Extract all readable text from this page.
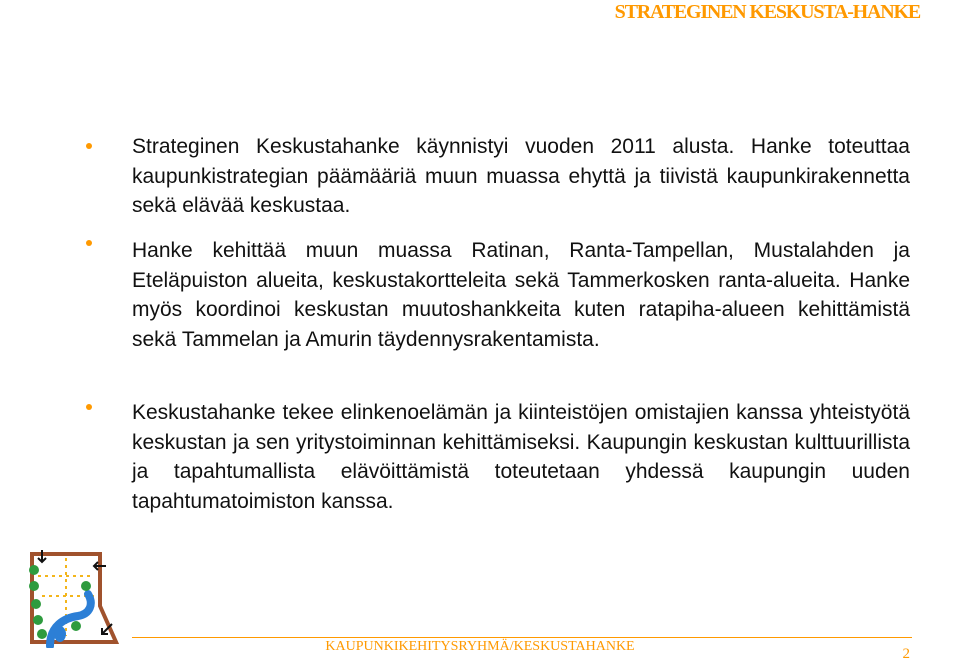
STRATEGINEN KESKUSTA-HANKE
Strateginen Keskustahanke käynnistyi vuoden 2011 alusta. Hanke toteuttaa kaupunkistrategian päämääriä muun muassa ehyttä ja tiivistä kaupunkirakennetta sekä elävää keskustaa.
Hanke kehittää muun muassa Ratinan, Ranta-Tampellan, Mustalahden ja Eteläpuiston alueita, keskustakortteleita sekä Tammerkosken ranta-alueita. Hanke myös koordinoi keskustan muutoshankkeita kuten ratapiha-alueen kehittämistä sekä Tammelan ja Amurin täydennysrakentamista.
Keskustahanke tekee elinkenoelämän ja kiinteistöjen omistajien kanssa yhteistyötä keskustan ja sen yritystoiminnan kehittämiseksi. Kaupungin keskustan kulttuurillista ja tapahtumallista elävöittämistä toteutetaan yhdessä kaupungin uuden tapahtumatoimiston kanssa.
KAUPUNKIKEHITYSRYHMÄ/KESKUSTAHANKE	2
